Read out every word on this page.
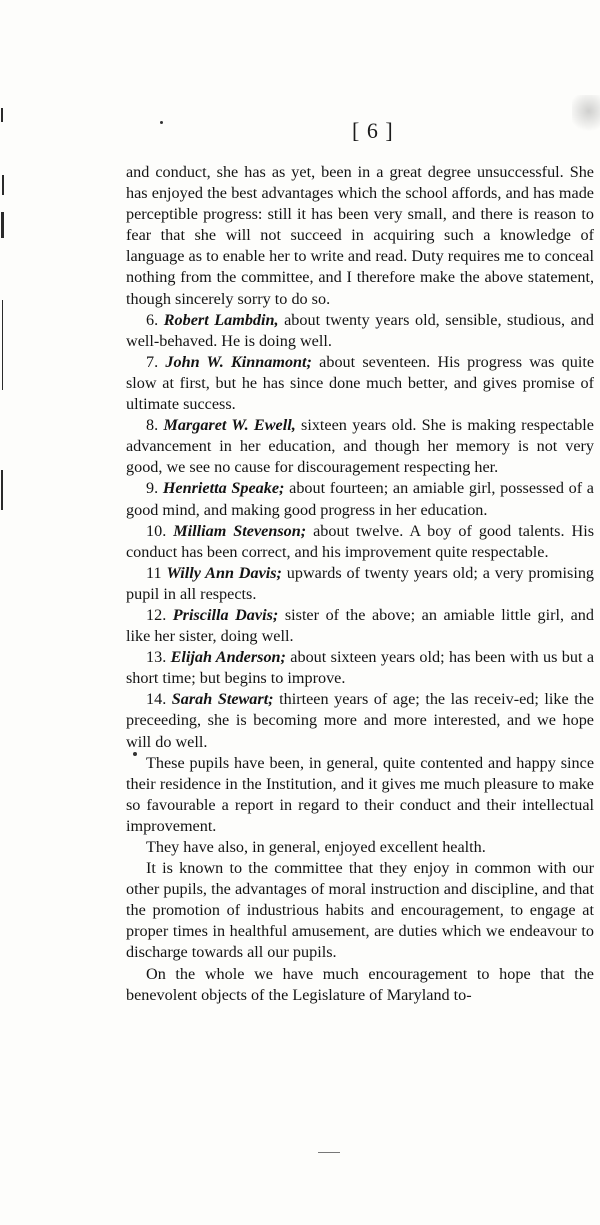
[ 6 ]

and conduct, she has as yet, been in a great degree unsuccessful. She has enjoyed the best advantages which the school affords, and has made perceptible progress: still it has been very small, and there is reason to fear that she will not succeed in acquiring such a knowledge of language as to enable her to write and read. Duty requires me to conceal nothing from the committee, and I therefore make the above statement, though sincerely sorry to do so.

6. Robert Lambdin, about twenty years old, sensible, studious, and well-behaved. He is doing well.

7. John W. Kinnamont; about seventeen. His progress was quite slow at first, but he has since done much better, and gives promise of ultimate success.

8. Margaret W. Ewell, sixteen years old. She is making respectable advancement in her education, and though her memory is not very good, we see no cause for discouragement respecting her.

9. Henrietta Speake; about fourteen; an amiable girl, possessed of a good mind, and making good progress in her education.

10. Milliam Stevenson; about twelve. A boy of good talents. His conduct has been correct, and his improvement quite respectable.

11 Willy Ann Davis; upwards of twenty years old; a very promising pupil in all respects.

12. Priscilla Davis; sister of the above; an amiable little girl, and like her sister, doing well.

13. Elijah Anderson; about sixteen years old; has been with us but a short time; but begins to improve.

14. Sarah Stewart; thirteen years of age; the las receiv-ed; like the preceeding, she is becoming more and more interested, and we hope will do well.

These pupils have been, in general, quite contented and happy since their residence in the Institution, and it gives me much pleasure to make so favourable a report in regard to their conduct and their intellectual improvement.

They have also, in general, enjoyed excellent health.

It is known to the committee that they enjoy in common with our other pupils, the advantages of moral instruction and discipline, and that the promotion of industrious habits and encouragement, to engage at proper times in healthful amusement, are duties which we endeavour to discharge towards all our pupils.

On the whole we have much encouragement to hope that the benevolent objects of the Legislature of Maryland to-
